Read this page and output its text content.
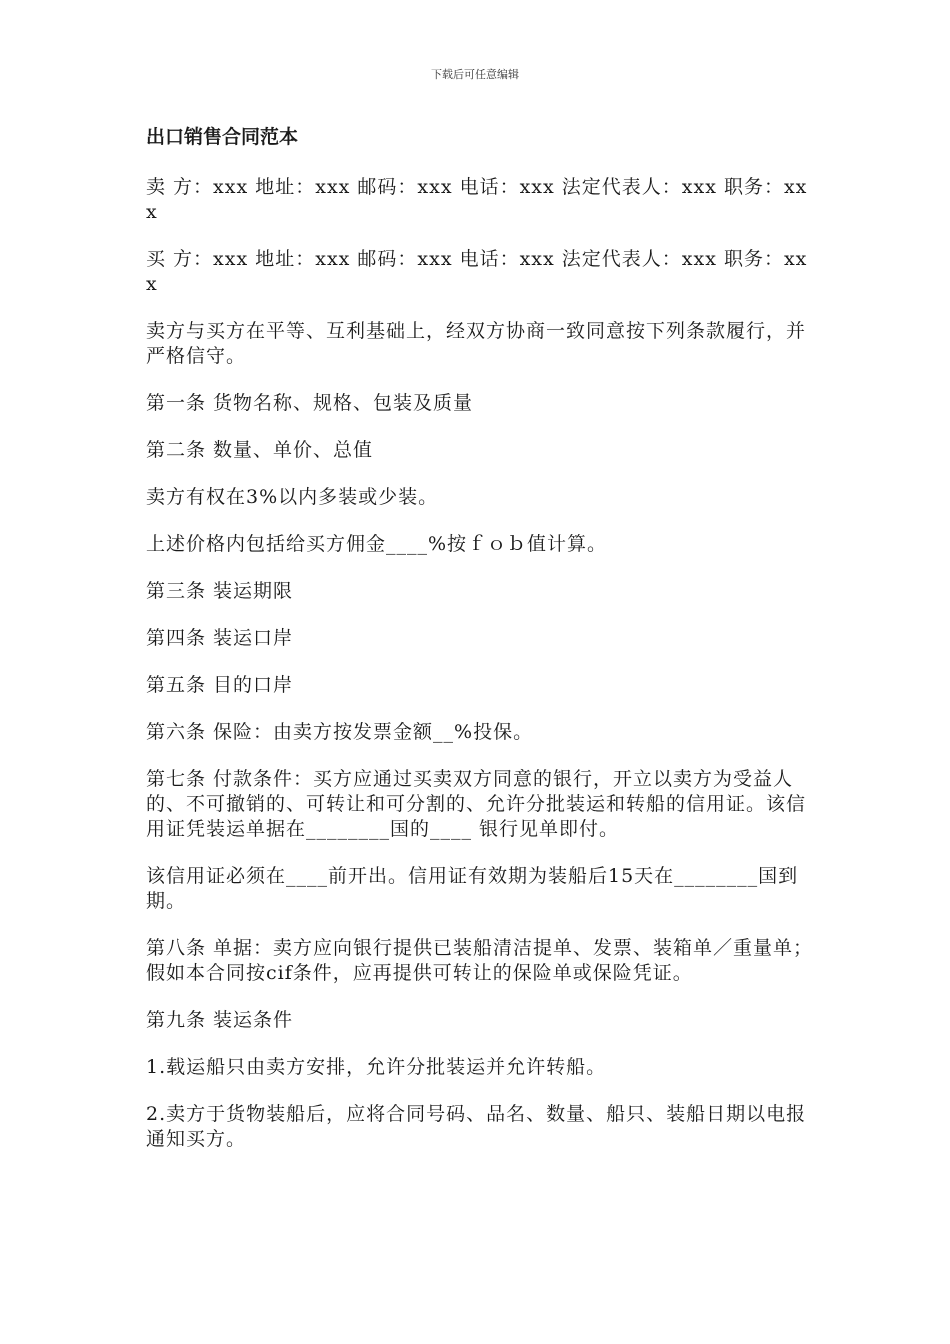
下载后可任意编辑
出口销售合同范本
卖 方：xxx 地址：xxx 邮码：xxx 电话：xxx 法定代表人：xxx 职务：xxx
买 方：xxx 地址：xxx 邮码：xxx 电话：xxx 法定代表人：xxx 职务：xxx
卖方与买方在平等、互利基础上，经双方协商一致同意按下列条款履行，并严格信守。
第一条 货物名称、规格、包装及质量
第二条 数量、单价、总值
卖方有权在3%以内多装或少装。
上述价格内包括给买方佣金____%按ｆｏｂ值计算。
第三条 装运期限
第四条 装运口岸
第五条 目的口岸
第六条 保险：由卖方按发票金额__%投保。
第七条 付款条件：买方应通过买卖双方同意的银行，开立以卖方为受益人的、不可撤销的、可转让和可分割的、允许分批装运和转船的信用证。该信用证凭装运单据在________国的____ 银行见单即付。
该信用证必须在____前开出。信用证有效期为装船后15天在________国到期。
第八条 单据：卖方应向银行提供已装船清洁提单、发票、装箱单／重量单；假如本合同按cif条件，应再提供可转让的保险单或保险凭证。
第九条 装运条件
1.载运船只由卖方安排，允许分批装运并允许转船。
2.卖方于货物装船后，应将合同号码、品名、数量、船只、装船日期以电报通知买方。
